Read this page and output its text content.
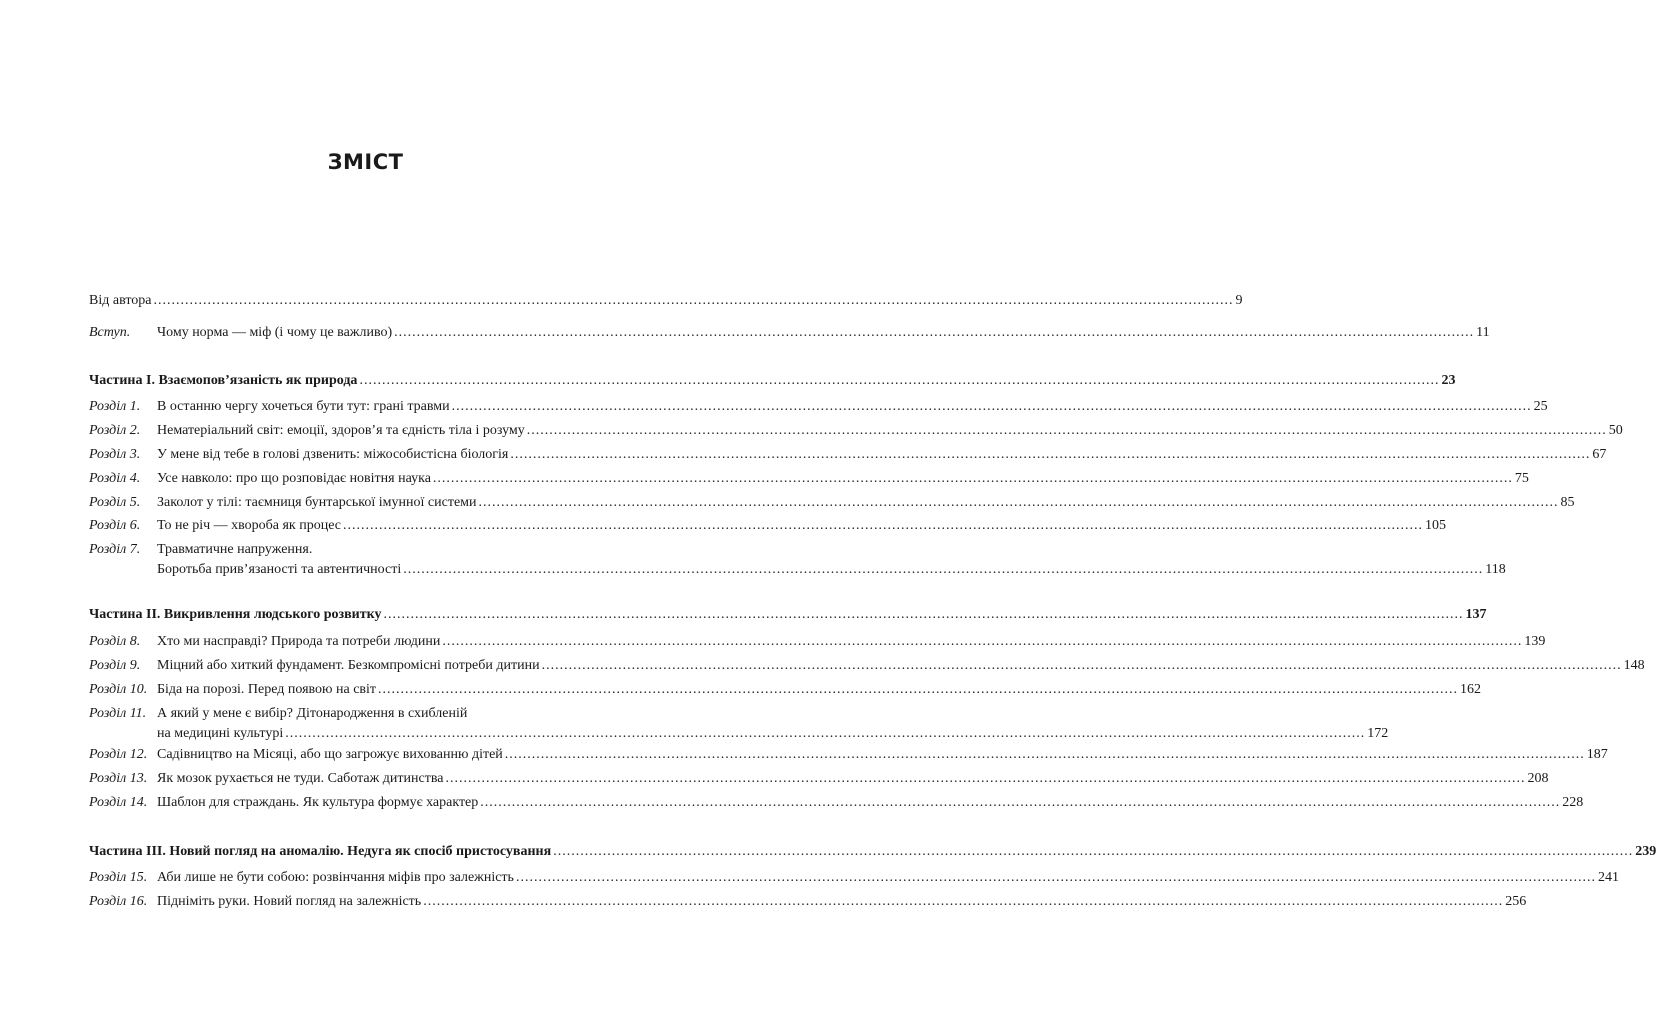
ЗМІСТ
Від автора .....	9
Вступ.	Чому норма — міф (і чому це важливо) .....	11
Частина І. Взаємопов’язаність як природа .....	23
Розділ 1.	В останню чергу хочеться бути тут: грані травми .....	25
Розділ 2.	Нематеріальний світ: емоції, здоров’я та єдність тіла і розуму .....	50
Розділ 3.	У мене від тебе в голові дзвенить: міжособистісна біологія .....	67
Розділ 4.	Усе навколо: про що розповідає новітня наука .....	75
Розділ 5.	Заколот у тілі: таємниця бунтарської імунної системи .....	85
Розділ 6.	То не річ — хвороба як процес .....	105
Розділ 7.	Травматичне напруження.
Боротьба прив’язаності та автентичності .....	118
Частина ІІ. Викривлення людського розвитку .....	137
Розділ 8.	Хто ми насправді? Природа та потреби людини .....	139
Розділ 9.	Міцний або хиткий фундамент. Безкомпромісні потреби дитини .....	148
Розділ 10. Біда на порозі. Перед появою на світ .....	162
Розділ 11. А який у мене є вибір? Дітонародження в схибленій
на медицині культурі .....	172
Розділ 12. Садівництво на Місяці, або що загрожує вихованню дітей .....	187
Розділ 13. Як мозок рухається не туди. Саботаж дитинства .....	208
Розділ 14. Шаблон для страждань. Як культура формує характер .....	228
Частина ІІІ. Новий погляд на аномалію. Недуга як спосіб пристосування .....	239
Розділ 15. Аби лише не бути собою: розвінчання міфів про залежність .....	241
Розділ 16. Підніміть руки. Новий погляд на залежність .....	256
